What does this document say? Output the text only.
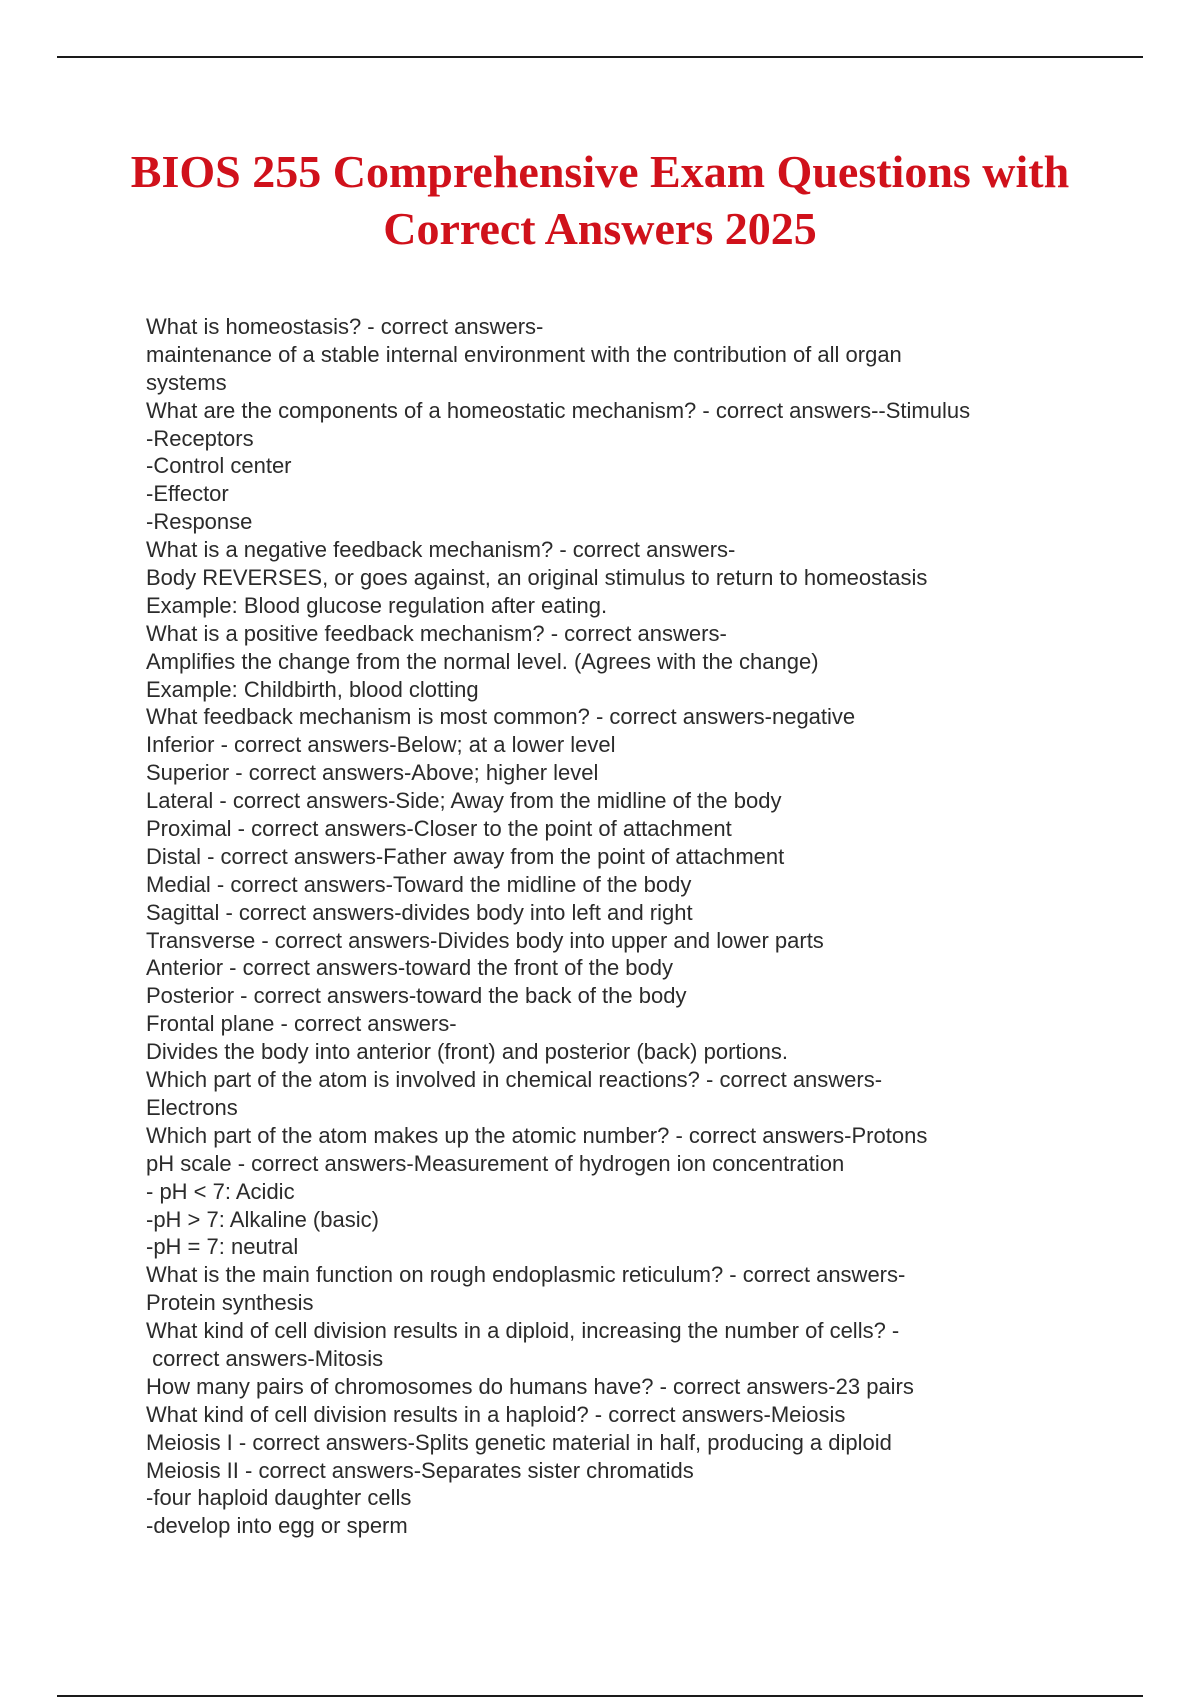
BIOS 255 Comprehensive Exam Questions with Correct Answers 2025
What is homeostasis? - correct answers-
maintenance of a stable internal environment with the contribution of all organ
systems
What are the components of a homeostatic mechanism? - correct answers--Stimulus
-Receptors
-Control center
-Effector
-Response
What is a negative feedback mechanism? - correct answers-
Body REVERSES, or goes against, an original stimulus to return to homeostasis
Example: Blood glucose regulation after eating.
What is a positive feedback mechanism? - correct answers-
Amplifies the change from the normal level. (Agrees with the change)
Example: Childbirth, blood clotting
What feedback mechanism is most common? - correct answers-negative
Inferior - correct answers-Below; at a lower level
Superior - correct answers-Above; higher level
Lateral - correct answers-Side; Away from the midline of the body
Proximal - correct answers-Closer to the point of attachment
Distal - correct answers-Father away from the point of attachment
Medial - correct answers-Toward the midline of the body
Sagittal - correct answers-divides body into left and right
Transverse - correct answers-Divides body into upper and lower parts
Anterior - correct answers-toward the front of the body
Posterior - correct answers-toward the back of the body
Frontal plane - correct answers-
Divides the body into anterior (front) and posterior (back) portions.
Which part of the atom is involved in chemical reactions? - correct answers-
Electrons
Which part of the atom makes up the atomic number? - correct answers-Protons
pH scale - correct answers-Measurement of hydrogen ion concentration
- pH < 7: Acidic
-pH > 7: Alkaline (basic)
-pH = 7: neutral
What is the main function on rough endoplasmic reticulum? - correct answers-
Protein synthesis
What kind of cell division results in a diploid, increasing the number of cells? -
correct answers-Mitosis
How many pairs of chromosomes do humans have? - correct answers-23 pairs
What kind of cell division results in a haploid? - correct answers-Meiosis
Meiosis I - correct answers-Splits genetic material in half, producing a diploid
Meiosis II - correct answers-Separates sister chromatids
-four haploid daughter cells
-develop into egg or sperm
